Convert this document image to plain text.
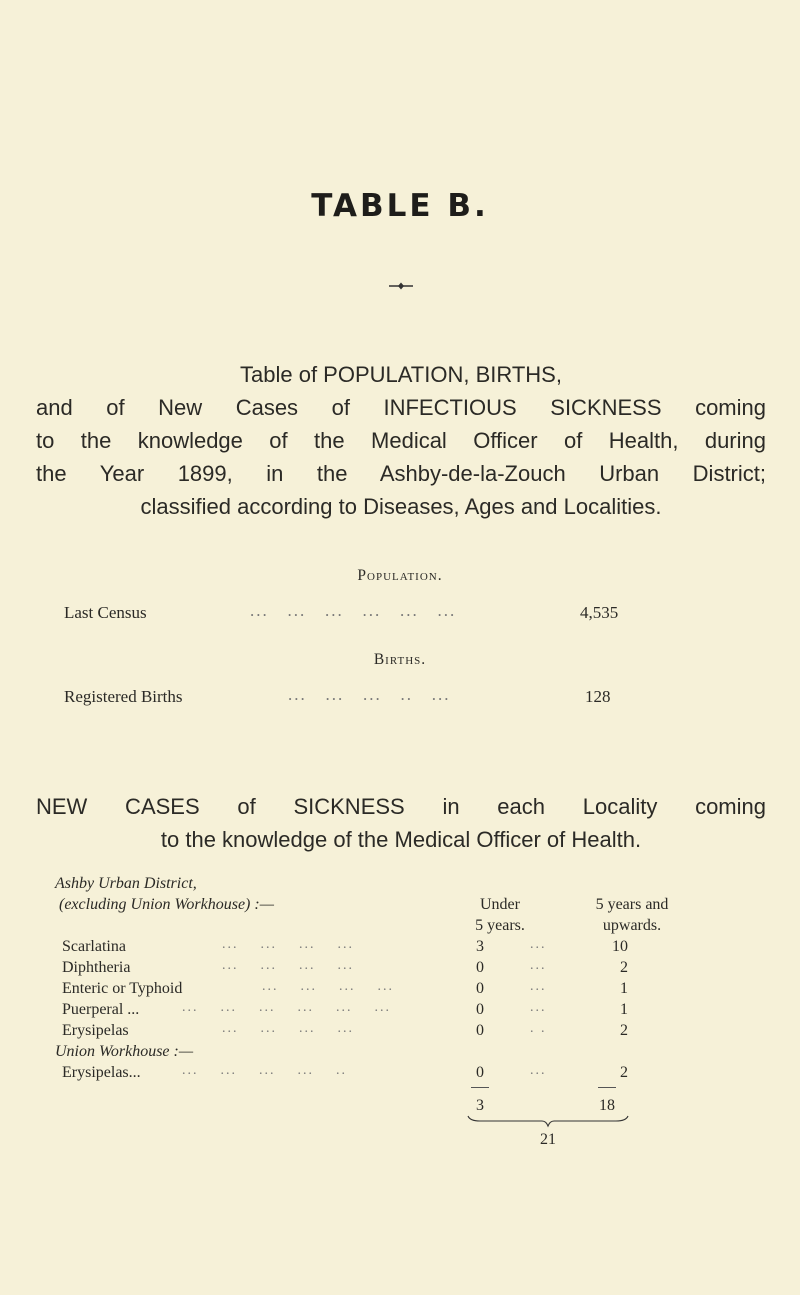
TABLE B.
Table of POPULATION, BIRTHS,
and of New Cases of INFECTIOUS SICKNESS coming
to the knowledge of the Medical Officer of Health, during
the Year 1899, in the Ashby-de-la-Zouch Urban District;
classified according to Diseases, Ages and Localities.
Population.
Last Census	...   ...   ...   ...   ...   ...	4,535
Births.
Registered Births	...   ...   ...   ..   ...	128
NEW CASES of SICKNESS in each Locality coming
to the knowledge of the Medical Officer of Health.
Ashby Urban District,
(excluding Union Workhouse) :—	Under
5 years.
5 years and
upwards.
Scarlatina	...    ...    ...    ...	3	...	10
Diphtheria	...    ...    ...    ...	0	...	2
Enteric or Typhoid	...    ...    ...    ...	0	...	1
Puerperal ...	...    ...    ...    ...    ...    ...	0	...	1
Erysipelas	...    ...    ...    ...	0	. .	2
Union Workhouse :—
Erysipelas...	...    ...    ...    ...    ..	0	...	2
3	18
21
